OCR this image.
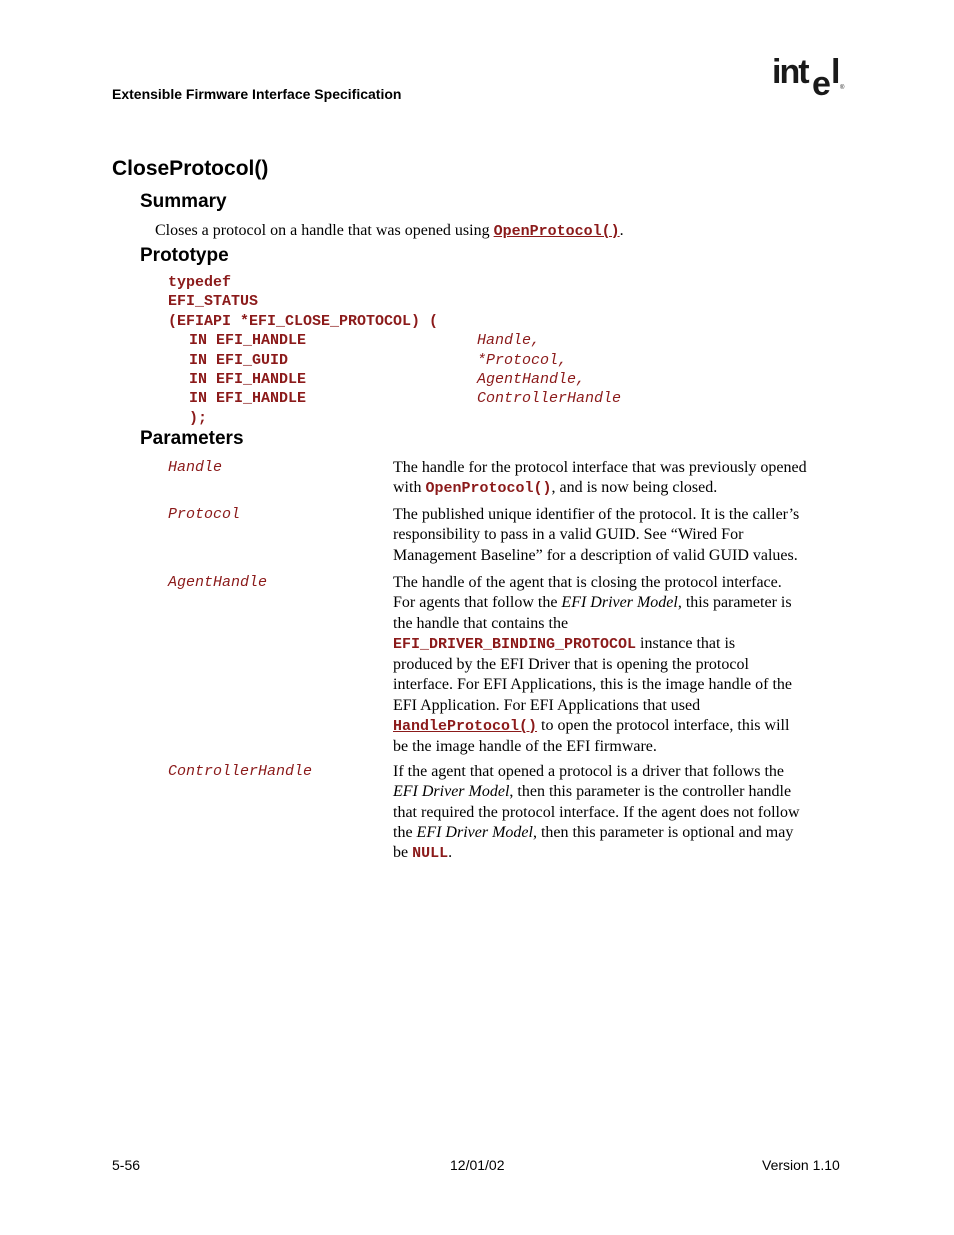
Extensible Firmware Interface Specification
int e l ®
CloseProtocol()
Summary
Closes a protocol on a handle that was opened using OpenProtocol().
Prototype
typedef
EFI_STATUS
(EFIAPI *EFI_CLOSE_PROTOCOL) (
IN EFI_HANDLE	Handle,
IN EFI_GUID	*Protocol,
IN EFI_HANDLE	AgentHandle,
IN EFI_HANDLE	ControllerHandle
);
Parameters
Handle	The handle for the protocol interface that was previously opened
with OpenProtocol(), and is now being closed.
Protocol	The published unique identifier of the protocol. It is the caller’s
responsibility to pass in a valid GUID. See “Wired For
Management Baseline” for a description of valid GUID values.
AgentHandle	The handle of the agent that is closing the protocol interface.
For agents that follow the EFI Driver Model, this parameter is
the handle that contains the
EFI_DRIVER_BINDING_PROTOCOL instance that is
produced by the EFI Driver that is opening the protocol
interface. For EFI Applications, this is the image handle of the
EFI Application. For EFI Applications that used
HandleProtocol() to open the protocol interface, this will
be the image handle of the EFI firmware.
ControllerHandle	If the agent that opened a protocol is a driver that follows the
EFI Driver Model, then this parameter is the controller handle
that required the protocol interface. If the agent does not follow
the EFI Driver Model, then this parameter is optional and may
be NULL.
5-56	12/01/02	Version 1.10
